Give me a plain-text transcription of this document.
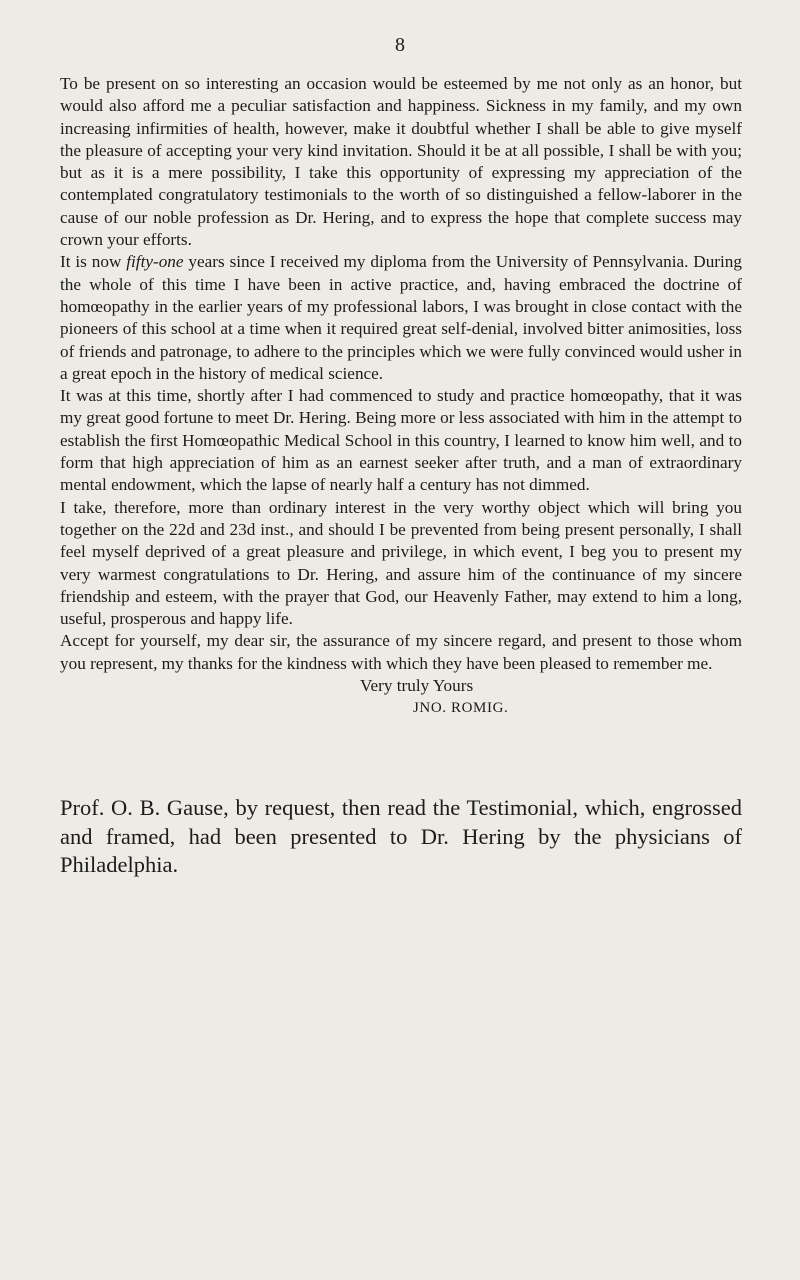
8

To be present on so interesting an occasion would be esteemed by me not only as an honor, but would also afford me a peculiar satisfaction and happiness. Sickness in my family, and my own increasing infirmities of health, however, make it doubtful whether I shall be able to give myself the pleasure of accepting your very kind invitation. Should it be at all possible, I shall be with you; but as it is a mere possibility, I take this opportunity of expressing my appreciation of the contemplated congratulatory testimonials to the worth of so distinguished a fellow-laborer in the cause of our noble profession as Dr. Hering, and to express the hope that complete success may crown your efforts.

It is now fifty-one years since I received my diploma from the University of Pennsylvania. During the whole of this time I have been in active practice, and, having embraced the doctrine of homœopathy in the earlier years of my professional labors, I was brought in close contact with the pioneers of this school at a time when it required great self-denial, involved bitter animosities, loss of friends and patronage, to adhere to the principles which we were fully convinced would usher in a great epoch in the history of medical science.

It was at this time, shortly after I had commenced to study and practice homœopathy, that it was my great good fortune to meet Dr. Hering. Being more or less associated with him in the attempt to establish the first Homœopathic Medical School in this country, I learned to know him well, and to form that high appreciation of him as an earnest seeker after truth, and a man of extraordinary mental endowment, which the lapse of nearly half a century has not dimmed.

I take, therefore, more than ordinary interest in the very worthy object which will bring you together on the 22d and 23d inst., and should I be prevented from being present personally, I shall feel myself deprived of a great pleasure and privilege, in which event, I beg you to present my very warmest congratulations to Dr. Hering, and assure him of the continuance of my sincere friendship and esteem, with the prayer that God, our Heavenly Father, may extend to him a long, useful, prosperous and happy life.

Accept for yourself, my dear sir, the assurance of my sincere regard, and present to those whom you represent, my thanks for the kindness with which they have been pleased to remember me.

Very truly Yours

JNO. ROMIG.

Prof. O. B. Gause, by request, then read the Testimonial, which, engrossed and framed, had been presented to Dr. Hering by the physicians of Philadelphia.
